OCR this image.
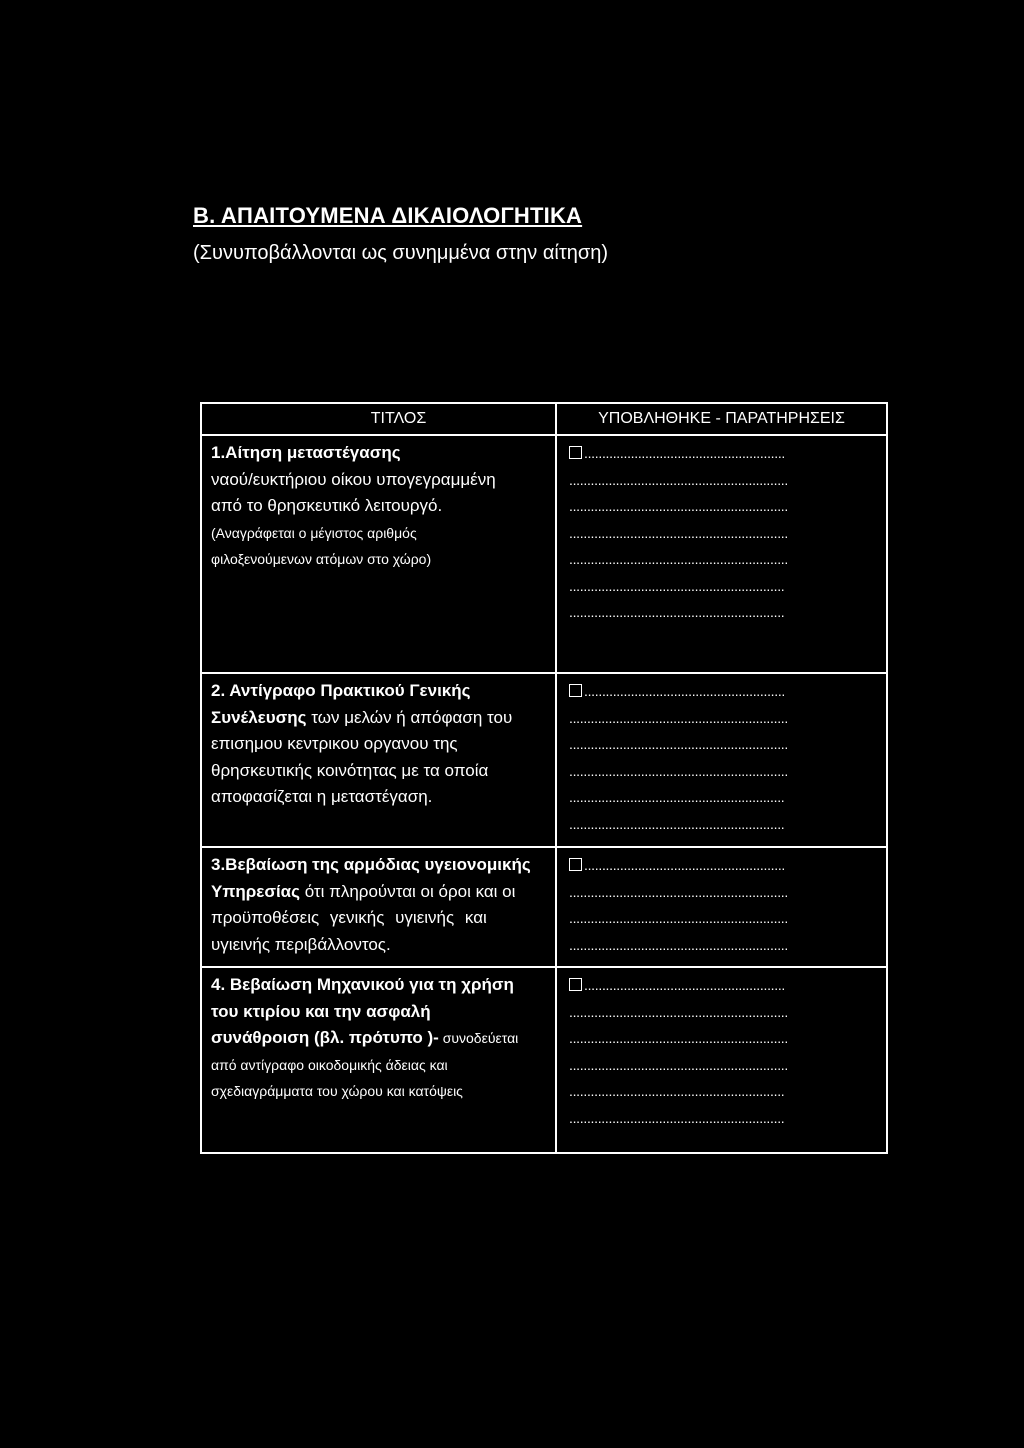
Β. ΑΠΑΙΤΟΥΜΕΝΑ ΔΙΚΑΙΟΛΟΓΗΤΙΚΑ
(Συνυποβάλλονται ως συνημμένα στην αίτηση)
ΤΙΤΛΟΣ	ΥΠΟΒΛΗΘΗΚΕ - ΠΑΡΑΤΗΡΗΣΕΙΣ
1.Αίτηση μεταστέγασης
ναού/ευκτήριου οίκου υπογεγραμμένη
από το θρησκευτικό λειτουργό.
(Αναγράφεται ο μέγιστος αριθμός
φιλοξενούμενων ατόμων στο χώρο)
........................................................
.............................................................
.............................................................
.............................................................
.............................................................
............................................................
............................................................
2. Αντίγραφο Πρακτικού Γενικής
Συνέλευσης των μελών ή απόφαση του
επισημου κεντρικου οργανου της
θρησκευτικής κοινότητας με τα οποία
αποφασίζεται η μεταστέγαση.
........................................................
.............................................................
.............................................................
.............................................................
............................................................
............................................................
3.Βεβαίωση της αρμόδιας υγειονομικής
Υπηρεσίας ότι πληρούνται οι όροι και οι
προϋποθέσεις γενικής υγιεινής και
υγιεινής περιβάλλοντος.
........................................................
.............................................................
.............................................................
.............................................................
4. Βεβαίωση Μηχανικού για τη χρήση
του κτιρίου και την ασφαλή
συνάθροιση (βλ. πρότυπο )- συνοδεύεται
από αντίγραφο οικοδομικής άδειας και
σχεδιαγράμματα του χώρου και κατόψεις
........................................................
.............................................................
.............................................................
.............................................................
............................................................
............................................................
